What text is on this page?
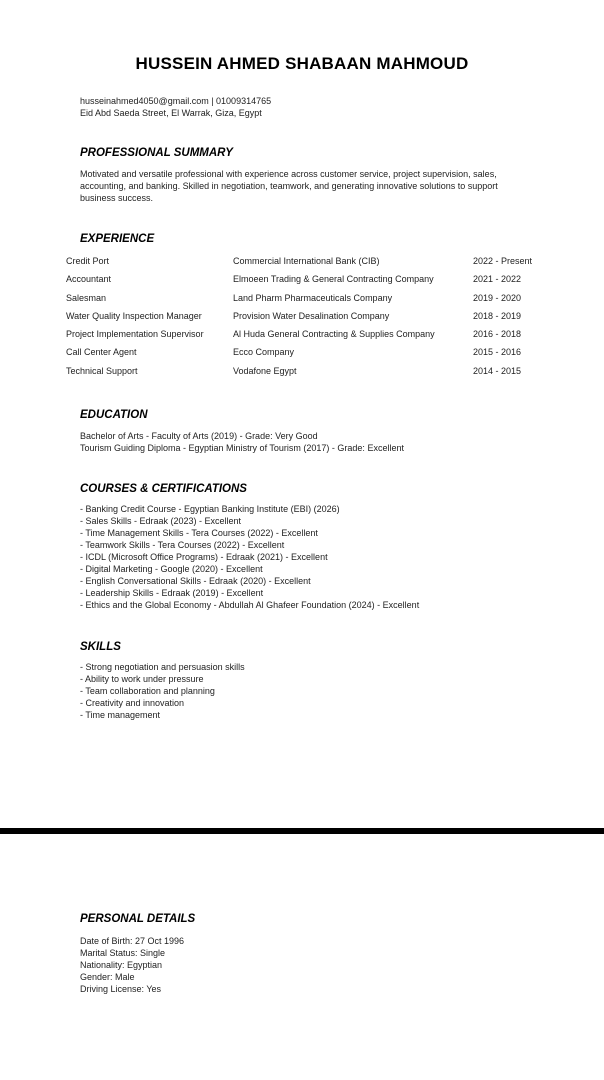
HUSSEIN AHMED SHABAAN MAHMOUD
husseinahmed4050@gmail.com | 01009314765
Eid Abd Saeda Street, El Warrak, Giza, Egypt
PROFESSIONAL SUMMARY
Motivated and versatile professional with experience across customer service, project supervision, sales, accounting, and banking. Skilled in negotiation, teamwork, and generating innovative solutions to support business success.
EXPERIENCE
Credit Port	Commercial International Bank (CIB)	2022 - Present
Accountant	Elmoeen Trading & General Contracting Company	2021 - 2022
Salesman	Land Pharm Pharmaceuticals Company	2019 - 2020
Water Quality Inspection Manager	Provision Water Desalination Company	2018 - 2019
Project Implementation Supervisor	Al Huda General Contracting & Supplies Company	2016 - 2018
Call Center Agent	Ecco Company	2015 - 2016
Technical Support	Vodafone Egypt	2014 - 2015
EDUCATION
Bachelor of Arts - Faculty of Arts (2019) - Grade: Very Good
Tourism Guiding Diploma - Egyptian Ministry of Tourism (2017) - Grade: Excellent
COURSES & CERTIFICATIONS
- Banking Credit Course - Egyptian Banking Institute (EBI) (2026)
- Sales Skills - Edraak (2023) - Excellent
- Time Management Skills - Tera Courses (2022) - Excellent
- Teamwork Skills - Tera Courses (2022) - Excellent
- ICDL (Microsoft Office Programs) - Edraak (2021) - Excellent
- Digital Marketing - Google (2020) - Excellent
- English Conversational Skills - Edraak (2020) - Excellent
- Leadership Skills - Edraak (2019) - Excellent
- Ethics and the Global Economy - Abdullah Al Ghafeer Foundation (2024) - Excellent
SKILLS
- Strong negotiation and persuasion skills
- Ability to work under pressure
- Team collaboration and planning
- Creativity and innovation
- Time management
PERSONAL DETAILS
Date of Birth: 27 Oct 1996
Marital Status: Single
Nationality: Egyptian
Gender: Male
Driving License: Yes
